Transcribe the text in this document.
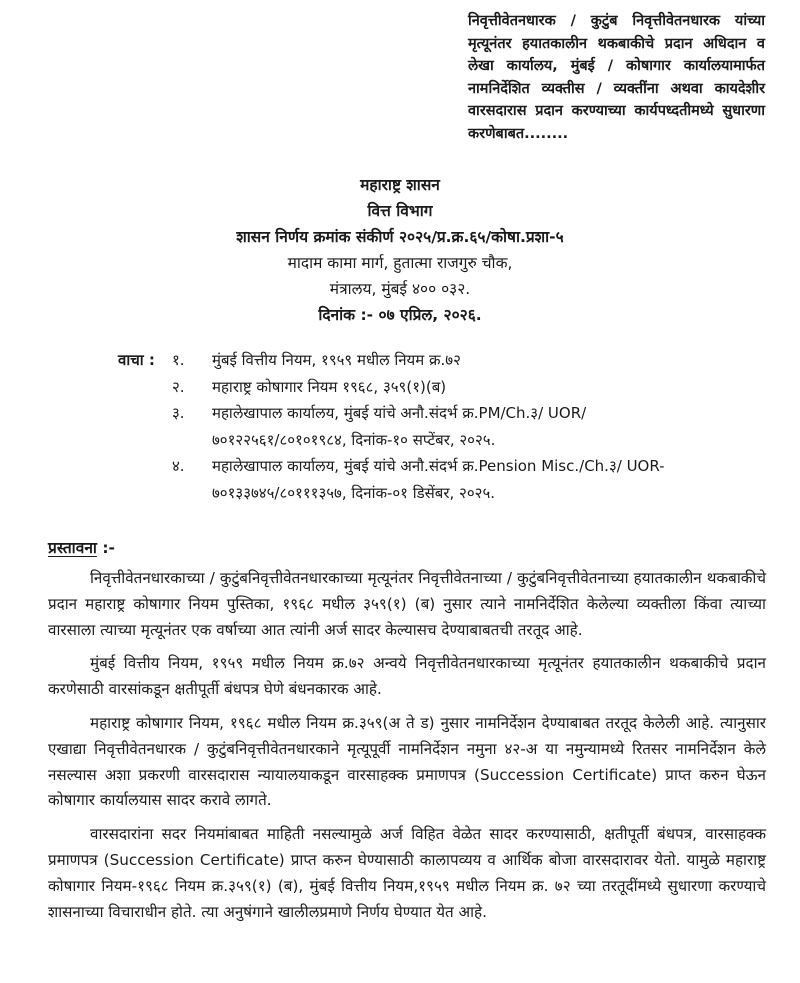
निवृत्तीवेतनधारक / कुटुंब निवृत्तीवेतनधारक यांच्या मृत्यूनंतर हयातकालीन थकबाकीचे प्रदान अधिदान व लेखा कार्यालय, मुंबई / कोषागार कार्यालयामार्फत नामनिर्देशित व्यक्तीस / व्यक्तींना अथवा कायदेशीर वारसदारास प्रदान करण्याच्या कार्यपध्दतीमध्ये सुधारणा करणेबाबत........
महाराष्ट्र शासन
वित्त विभाग
शासन निर्णय क्रमांक संकीर्ण २०२५/प्र.क्र.६५/कोषा.प्रशा-५
मादाम कामा मार्ग, हुतात्मा राजगुरु चौक,
मंत्रालय, मुंबई ४०० ०३२.
दिनांक :- ०७ एप्रिल, २०२६.
वाचा :	१.	मुंबई वित्तीय नियम, १९५९ मधील नियम क्र.७२
२.	महाराष्ट्र कोषागार नियम १९६८, ३५९(१)(ब)
३.	महालेखापाल कार्यालय, मुंबई यांचे अनौ.संदर्भ क्र.PM/Ch.३/ UOR/ ७०१२२५६१/८०१०१९८४, दिनांक-१० सप्टेंबर, २०२५.
४.	महालेखापाल कार्यालय, मुंबई यांचे अनौ.संदर्भ क्र.Pension Misc./Ch.३/ UOR- ७०१३३७४५/८०१११३५७, दिनांक-०१ डिसेंबर, २०२५.
प्रस्तावना :-

निवृत्तीवेतनधारकाच्या / कुटुंबनिवृत्तीवेतनधारकाच्या मृत्यूनंतर निवृत्तीवेतनाच्या / कुटुंबनिवृत्तीवेतनाच्या हयातकालीन थकबाकीचे प्रदान महाराष्ट्र कोषागार नियम पुस्तिका, १९६८ मधील ३५९(१) (ब) नुसार त्याने नामनिर्देशित केलेल्या व्यक्तीला किंवा त्याच्या वारसाला त्याच्या मृत्यूनंतर एक वर्षाच्या आत त्यांनी अर्ज सादर केल्यासच देण्याबाबतची तरतूद आहे.

मुंबई वित्तीय नियम, १९५९ मधील नियम क्र.७२ अन्वये निवृत्तीवेतनधारकाच्या मृत्यूनंतर हयातकालीन थकबाकीचे प्रदान करणेसाठी वारसांकडून क्षतीपूर्ती बंधपत्र घेणे बंधनकारक आहे.

महाराष्ट्र कोषागार नियम, १९६८ मधील नियम क्र.३५९(अ ते ड) नुसार नामनिर्देशन देण्याबाबत तरतूद केलेली आहे. त्यानुसार एखाद्या निवृत्तीवेतनधारक / कुटुंबनिवृत्तीवेतनधारकाने मृत्यूपूर्वी नामनिर्देशन नमुना ४२-अ या नमुन्यामध्ये रितसर नामनिर्देशन केले नसल्यास अशा प्रकरणी वारसदारास न्यायालयाकडून वारसाहक्क प्रमाणपत्र (Succession Certificate) प्राप्त करुन घेऊन कोषागार कार्यालयास सादर करावे लागते.

वारसदारांना सदर नियमांबाबत माहिती नसल्यामुळे अर्ज विहित वेळेत सादर करण्यासाठी, क्षतीपूर्ती बंधपत्र, वारसाहक्क प्रमाणपत्र (Succession Certificate) प्राप्त करुन घेण्यासाठी कालापव्यय व आर्थिक बोजा वारसदारावर येतो. यामुळे महाराष्ट्र कोषागार नियम-१९६८ नियम क्र.३५९(१) (ब), मुंबई वित्तीय नियम,१९५९ मधील नियम क्र. ७२ च्या तरतूदींमध्ये सुधारणा करण्याचे शासनाच्या विचाराधीन होते. त्या अनुषंगाने खालीलप्रमाणे निर्णय घेण्यात येत आहे.
